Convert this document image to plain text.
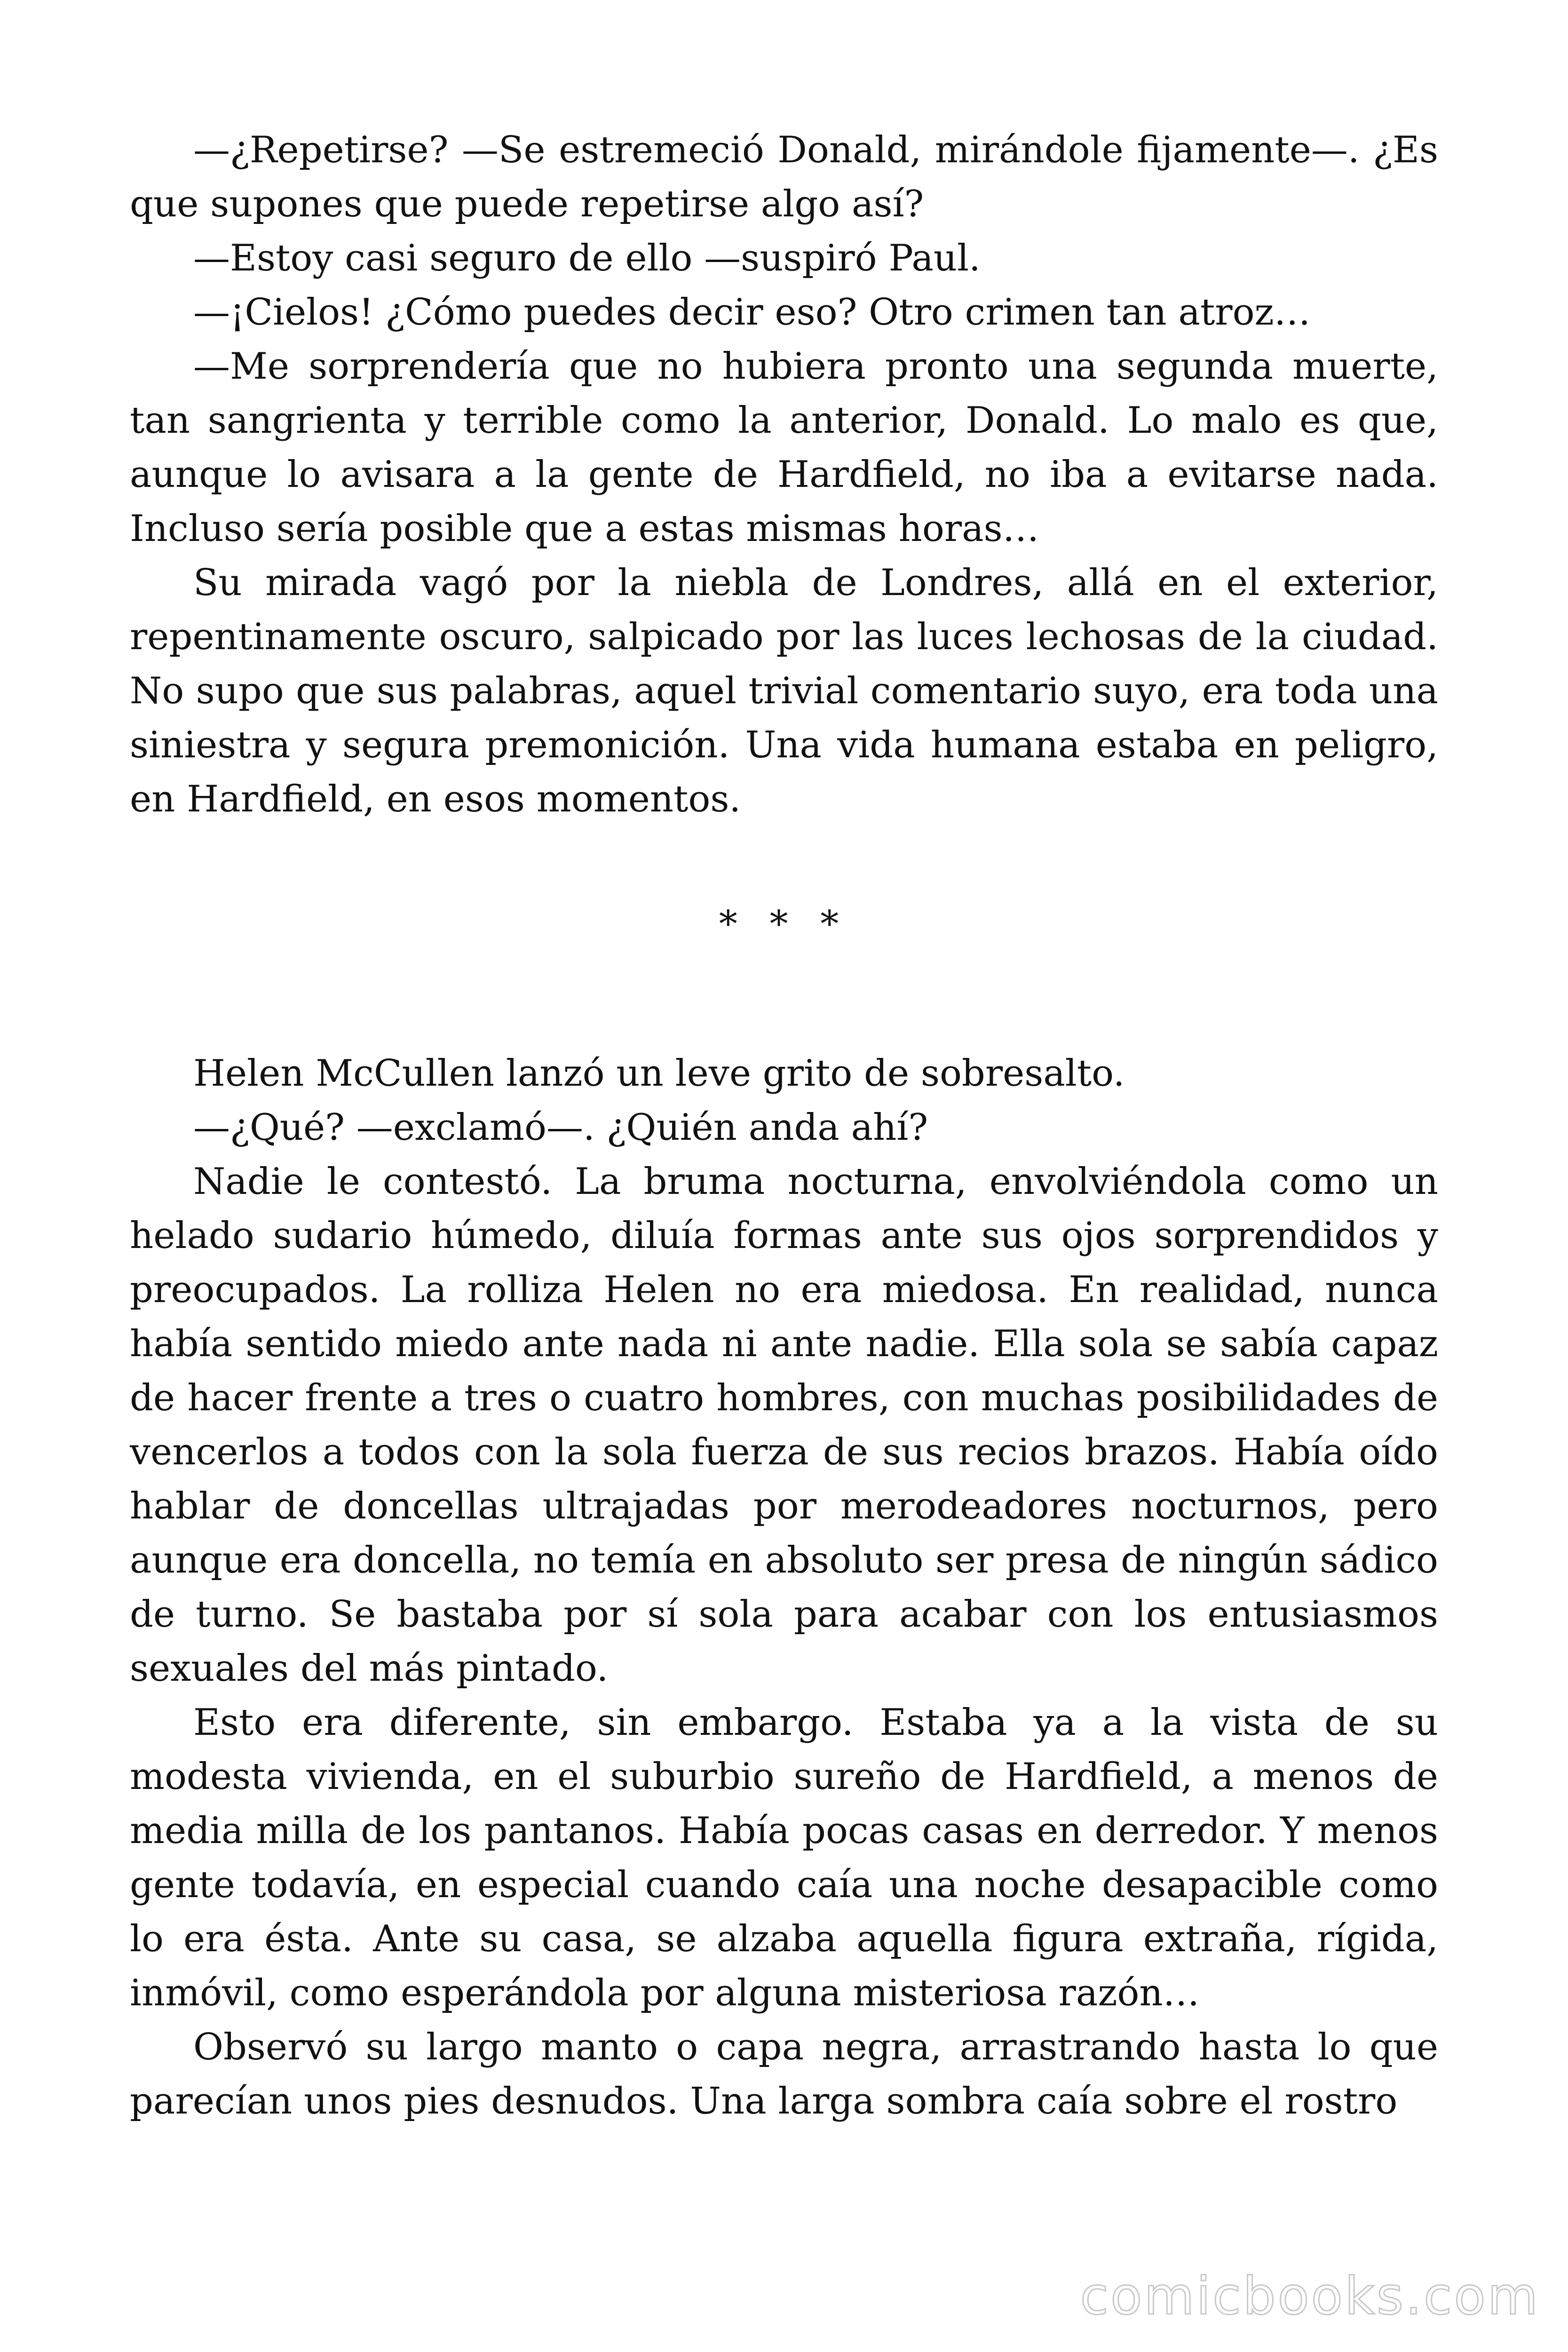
—¿Repetirse? —Se estremeció Donald, mirándole fijamente—. ¿Es que supones que puede repetirse algo así?

—Estoy casi seguro de ello —suspiró Paul.

—¡Cielos! ¿Cómo puedes decir eso? Otro crimen tan atroz…

—Me sorprendería que no hubiera pronto una segunda muerte, tan sangrienta y terrible como la anterior, Donald. Lo malo es que, aunque lo avisara a la gente de Hardfield, no iba a evitarse nada. Incluso sería posible que a estas mismas horas…

Su mirada vagó por la niebla de Londres, allá en el exterior, repentinamente oscuro, salpicado por las luces lechosas de la ciudad. No supo que sus palabras, aquel trivial comentario suyo, era toda una siniestra y segura premonición. Una vida humana estaba en peligro, en Hardfield, en esos momentos.

* * *

Helen McCullen lanzó un leve grito de sobresalto.

—¿Qué? —exclamó—. ¿Quién anda ahí?

Nadie le contestó. La bruma nocturna, envolviéndola como un helado sudario húmedo, diluía formas ante sus ojos sorprendidos y preocupados. La rolliza Helen no era miedosa. En realidad, nunca había sentido miedo ante nada ni ante nadie. Ella sola se sabía capaz de hacer frente a tres o cuatro hombres, con muchas posibilidades de vencerlos a todos con la sola fuerza de sus recios brazos. Había oído hablar de doncellas ultrajadas por merodeadores nocturnos, pero aunque era doncella, no temía en absoluto ser presa de ningún sádico de turno. Se bastaba por sí sola para acabar con los entusiasmos sexuales del más pintado.

Esto era diferente, sin embargo. Estaba ya a la vista de su modesta vivienda, en el suburbio sureño de Hardfield, a menos de media milla de los pantanos. Había pocas casas en derredor. Y menos gente todavía, en especial cuando caía una noche desapacible como lo era ésta. Ante su casa, se alzaba aquella figura extraña, rígida, inmóvil, como esperándola por alguna misteriosa razón…

Observó su largo manto o capa negra, arrastrando hasta lo que parecían unos pies desnudos. Una larga sombra caía sobre el rostro

comicbooks.com
